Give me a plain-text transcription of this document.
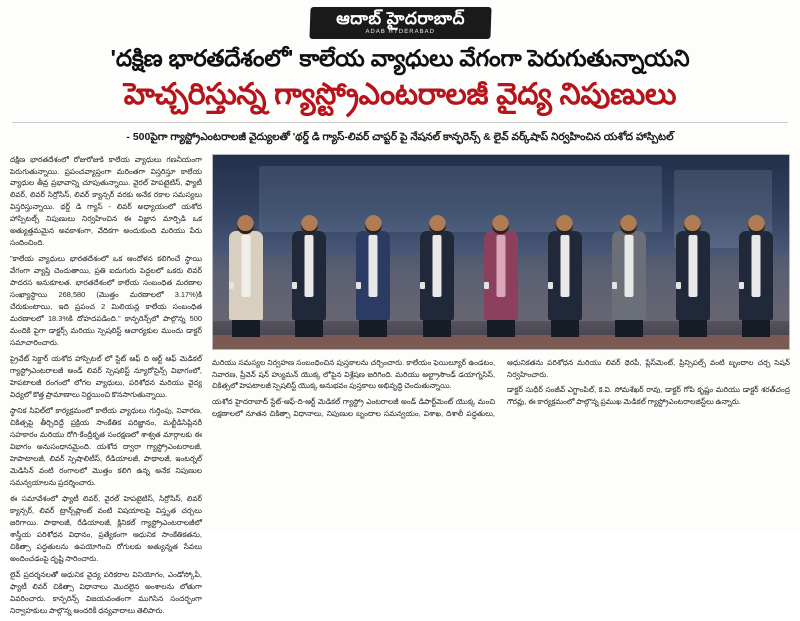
ఆదాబ్ హైదరాబాద్
ADAB HYDERABAD
'దక్షిణ భారతదేశంలో' కాలేయ వ్యాధులు వేగంగా పెరుగుతున్నాయని
హెచ్చరిస్తున్న గ్యాస్ట్రోఎంటరాలజీ వైద్య నిపుణులు
- 500పైగా గ్యాస్ట్రోఎంటరాలజీ వైద్యులతో 'థర్డ్ డి గ్యాస్-లివర్ చాప్టర్ పై నేషనల్ కాన్ఫరెన్స్ & లైవ్ వర్క్‌షాప్ నిర్వహించిన యశోద హాస్పిటల్

దక్షిణ భారతదేశంలో రోజురోజుకి కాలేయ వ్యాధులు గణనీయంగా పెరుగుతున్నాయి. ప్రపంచవ్యాప్తంగా మరింతగా విస్తరిస్తూ కాలేయ వ్యాధుల తీవ్ర ప్రభావాన్ని చూపుతున్నాయి. వైరల్ హెపటైటిస్, ఫ్యాటీ లివర్, లివర్ సిర్రోసిస్, లివర్ క్యాన్సర్ వరకు అనేక రకాల సమస్యలు విస్తరిస్తున్నాయి. థర్డ్ డి గ్యాస్ - లివర్ అధ్యాయంలో యశోద హాస్పిటల్స్ నిపుణులు నిర్వహించిన ఈ విజ్ఞాన మార్పిడి ఒక అత్యుత్తమమైన అవకాశంగా, వేదికగా అందుకుంది మరియు పేరు సందించింది.

"కాలేయ వ్యాధులు భారతదేశంలో ఒక ఆందోళన కలిగించే స్థాయి వేగంగా వ్యాప్తి చెందుతాయి, ప్రతి ఐదుగురు పెద్దలలో ఒకరు లివర్ పాదరస అనుకూలత. భారతదేశంలో కాలేయ సంబంధిత మరణాల సంఖ్యాస్థాయి 268,580 (మొత్తం మరణాలలో 3.17%)కి చేరుకుంటాయి, ఇది ప్రపంచ 2 మిలియన్ల కాలేయ సంబంధిత మరణాలలో 18.3%కి దోహదపడింది." కాన్ఫరెన్స్‌లో పాల్గొన్న 500 మందికి పైగా డాక్టర్స్ మరియు స్పెషలిస్ట్ ఆచార్యకుల ముందు డాక్టర్ సమాచారించారు.

ప్రైవేట్ సెక్టార్ యశోద హాస్పిటల్ లో స్టేట్ ఆఫ్ ది ఆర్ట్ ఆఫ్ మెడికల్ గ్యాస్ట్రోఎంటరాలజీ అండ్ లివర్ స్పెషలిస్ట్ న్యూరోసైన్స్ విభాగంలో, హెపటాలజీ రంగంలో లోగల వ్యాధులు, పరిశోధన మరియు వైద్య విధ్యలో కొత్త ప్రామాణాలు నిర్ణయించి కొనసాగుతున్నాయి.

స్థానిక సివిల్‌లో కార్యక్రమంలో కాలేయ వ్యాధులు గుర్తింపు, నివారణ, చికిత్సపై తీర్చిదిద్దే ప్రక్రియ సాంకేతిక పరిజ్ఞానం, మల్టీడిసిప్లినరీ సహకారం మరియు రోగి-కేంద్రీకృత సంరక్షణలో శాశ్వత మార్గాలకు ఈ విభాగం అనుసంధానమైంది. యశోద ద్వారా గ్యాస్ట్రోఎంటరాలజీ, హెపాటాలజీ, లివర్ స్పెషాలిటీస్, రేడియాలజీ, పాథాలజీ, ఇంటర్నల్ మెడిసిన్ వంటి రంగాలలో మొత్తం కలిగి ఉన్న అనేక నిపుణుల సమన్వయాలను ప్రదర్శించారు.

ఈ సమావేశంలో ఫ్యాటీ లివర్, వైరల్ హెపటైటిస్, సిర్రోసిస్, లివర్ క్యాన్సర్, లివర్ ట్రాన్స్‌ప్లాంట్ వంటి విషయాలపై విస్తృత చర్చలు జరిగాయి. పాథాలజీ, రేడియాలజీ, క్లినికల్ గ్యాస్ట్రోఎంటరాలజీలో శాస్త్రీయ పరిశోధన విధానం, ప్రత్యేకంగా ఆధునిక సాంకేతికతను, చికిత్సా పద్ధతులను ఉపయోగించి రోగులకు అత్యున్నత సేవలు అందించడంపై దృష్టి సారించారు.

లైవ్ ప్రదర్శనలతో ఆధునిక వైద్య పరికరాల వినియోగం, ఎండోస్కోపీ, ఫ్యాటీ లివర్ చికిత్సా విధానాలు మొదలైన అంశాలను లోతుగా వివరించారు. కాన్ఫరెన్స్ విజయవంతంగా ముగిసిన సందర్భంగా నిర్వాహకులు పాల్గొన్న అందరికీ ధన్యవాదాలు తెలిపారు.

మరియు సమస్యల నిర్వహణ సంబంధించిన పుస్తకాలను చర్చించారు. కాలేయం ఫెయిల్యూర్ ఉండటం, నివారణ, ప్రీవెన్ షన్ హ్యుమన్ యొక్క లోపైన విశ్లేషణ జరిగింది. మరియు అల్ట్రాసౌండ్ డయాగ్నసిస్, చికిత్సలో హెపటాలజీ స్పెషలిస్ట్ యొక్క అనుభవం పుస్తకాలు అభివృద్ధి చెందుతున్నాయి.

యశోద హైదరాబాద్ స్టేట్-ఆఫ్-ది-ఆర్ట్ మెడికల్ గ్యాస్ట్రో ఎంటరాలజీ అండ్ డిపార్ట్‌మెంట్ యొక్క మంచి లక్షణాలలో నూతన చికిత్సా విధానాలు, నిపుణుల బృందాల సమన్వయం, విశాఖ, దిశాలీ పద్ధతులు, ఆధునికతను పరిశోధన మరియు లివర్ థెరపీ, ప్లేస్‌మెంట్, ప్రిన్సిపల్స్ వంటి బృందాల చర్చ సెషన్ నిర్వహించారు.

డాక్టర్ సుధీర్ సంజీవ్ ఎగ్జాంపిల్, కె.వి. సోమశేఖర్ రావు, డాక్టర్ గోపి కృష్ణం మరియు డాక్టర్ శరత్‌చంద్ర గౌరవ్లు, ఈ కార్యక్రమంలో పాల్గొన్న ప్రముఖ మెడికల్ గ్యాస్ట్రోఎంటరాలజిస్ట్‌లు ఉన్నారు.
